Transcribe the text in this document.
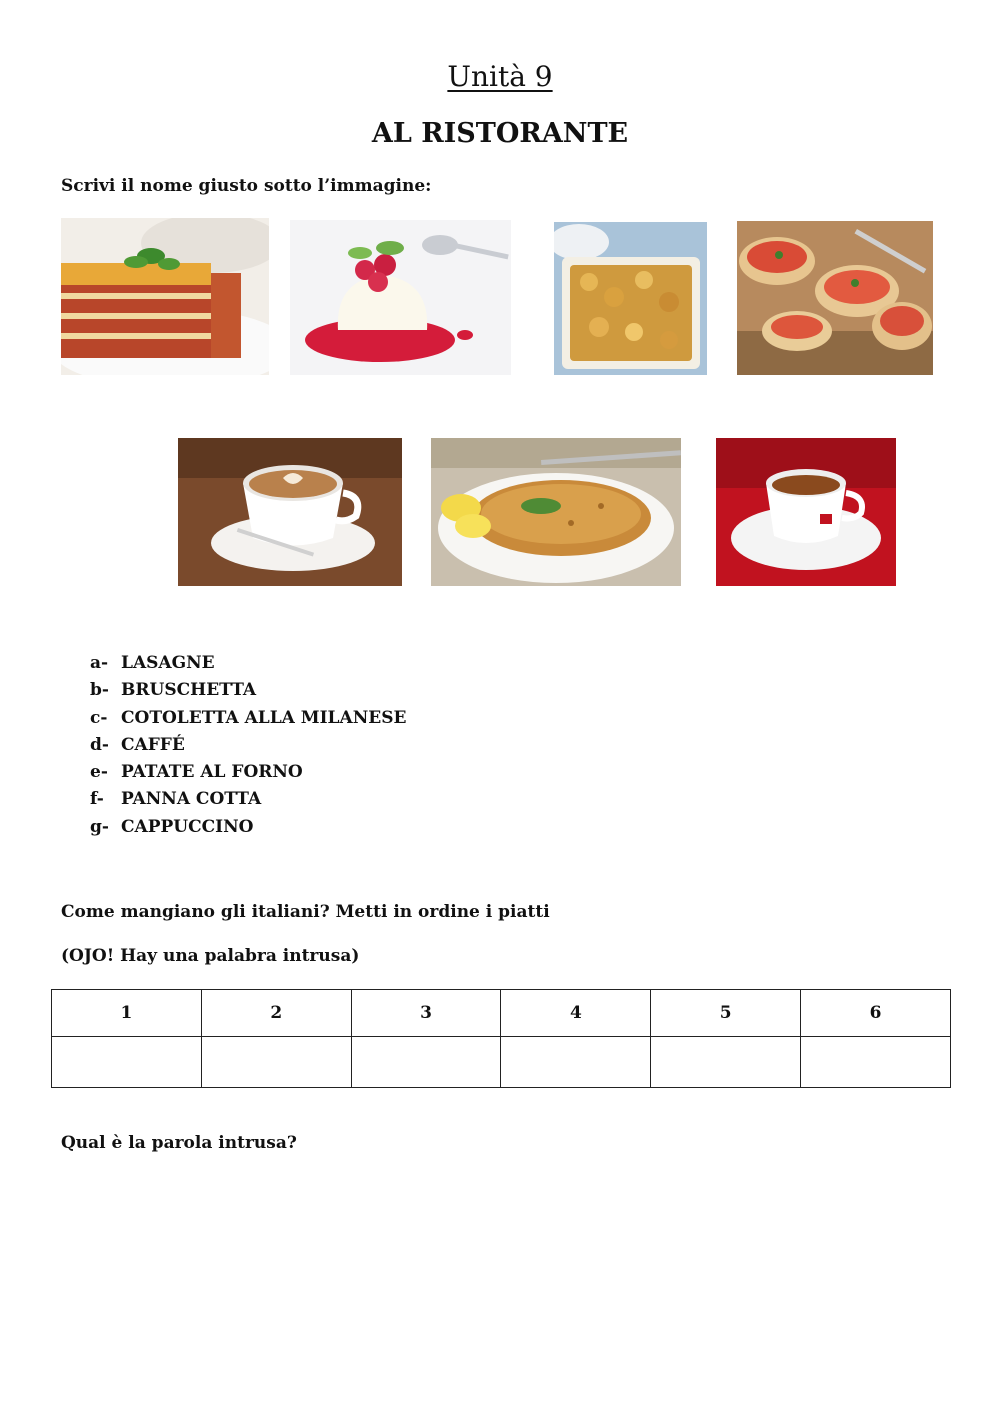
Unità 9
AL RISTORANTE
Scrivi il nome giusto sotto l’immagine:
a- LASAGNE
b- BRUSCHETTA
c- COTOLETTA ALLA MILANESE
d- CAFFÉ
e- PATATE AL FORNO
f-	PANNA COTTA
g- CAPPUCCINO
Come mangiano gli italiani? Metti in ordine i piatti
(OJO! Hay una palabra intrusa)
1	2	3	4	5	6

Qual è la parola intrusa?
